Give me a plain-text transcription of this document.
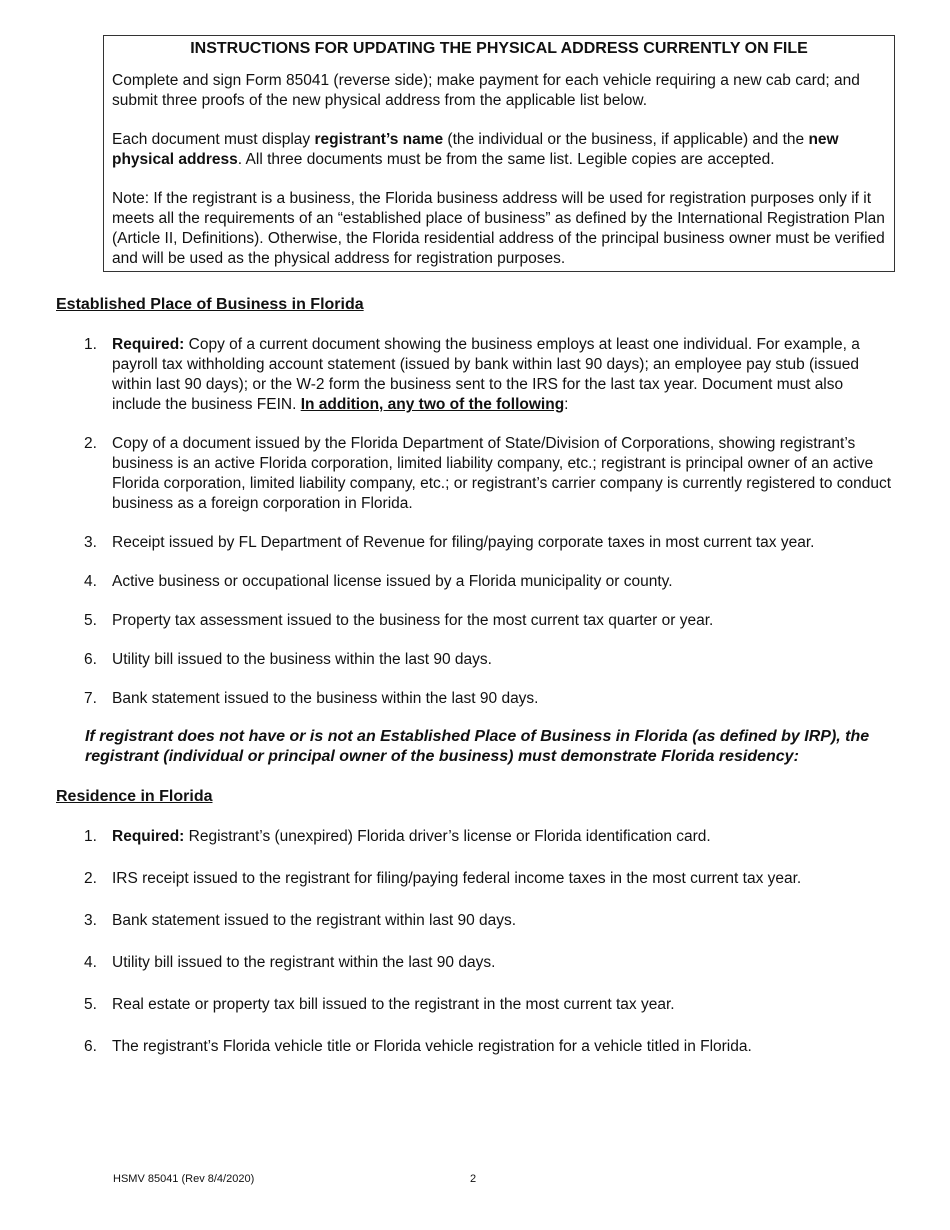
INSTRUCTIONS FOR UPDATING THE PHYSICAL ADDRESS CURRENTLY ON FILE

Complete and sign Form 85041 (reverse side); make payment for each vehicle requiring a new cab card; and submit three proofs of the new physical address from the applicable list below.

Each document must display registrant’s name (the individual or the business, if applicable) and the new physical address. All three documents must be from the same list. Legible copies are accepted.

Note: If the registrant is a business, the Florida business address will be used for registration purposes only if it meets all the requirements of an “established place of business” as defined by the International Registration Plan (Article II, Definitions). Otherwise, the Florida residential address of the principal business owner must be verified and will be used as the physical address for registration purposes.

Established Place of Business in Florida
1. Required: Copy of a current document showing the business employs at least one individual. For example, a payroll tax withholding account statement (issued by bank within last 90 days); an employee pay stub (issued within last 90 days); or the W-2 form the business sent to the IRS for the last tax year. Document must also include the business FEIN. In addition, any two of the following:
2. Copy of a document issued by the Florida Department of State/Division of Corporations, showing registrant’s business is an active Florida corporation, limited liability company, etc.; registrant is principal owner of an active Florida corporation, limited liability company, etc.; or registrant’s carrier company is currently registered to conduct business as a foreign corporation in Florida.
3. Receipt issued by FL Department of Revenue for filing/paying corporate taxes in most current tax year.
4. Active business or occupational license issued by a Florida municipality or county.
5. Property tax assessment issued to the business for the most current tax quarter or year.
6. Utility bill issued to the business within the last 90 days.
7. Bank statement issued to the business within the last 90 days.
If registrant does not have or is not an Established Place of Business in Florida (as defined by IRP), the registrant (individual or principal owner of the business) must demonstrate Florida residency:
Residence in Florida
1. Required: Registrant’s (unexpired) Florida driver’s license or Florida identification card.
2. IRS receipt issued to the registrant for filing/paying federal income taxes in the most current tax year.
3. Bank statement issued to the registrant within last 90 days.
4. Utility bill issued to the registrant within the last 90 days.
5. Real estate or property tax bill issued to the registrant in the most current tax year.
6. The registrant’s Florida vehicle title or Florida vehicle registration for a vehicle titled in Florida.
HSMV 85041 (Rev 8/4/2020)	2
